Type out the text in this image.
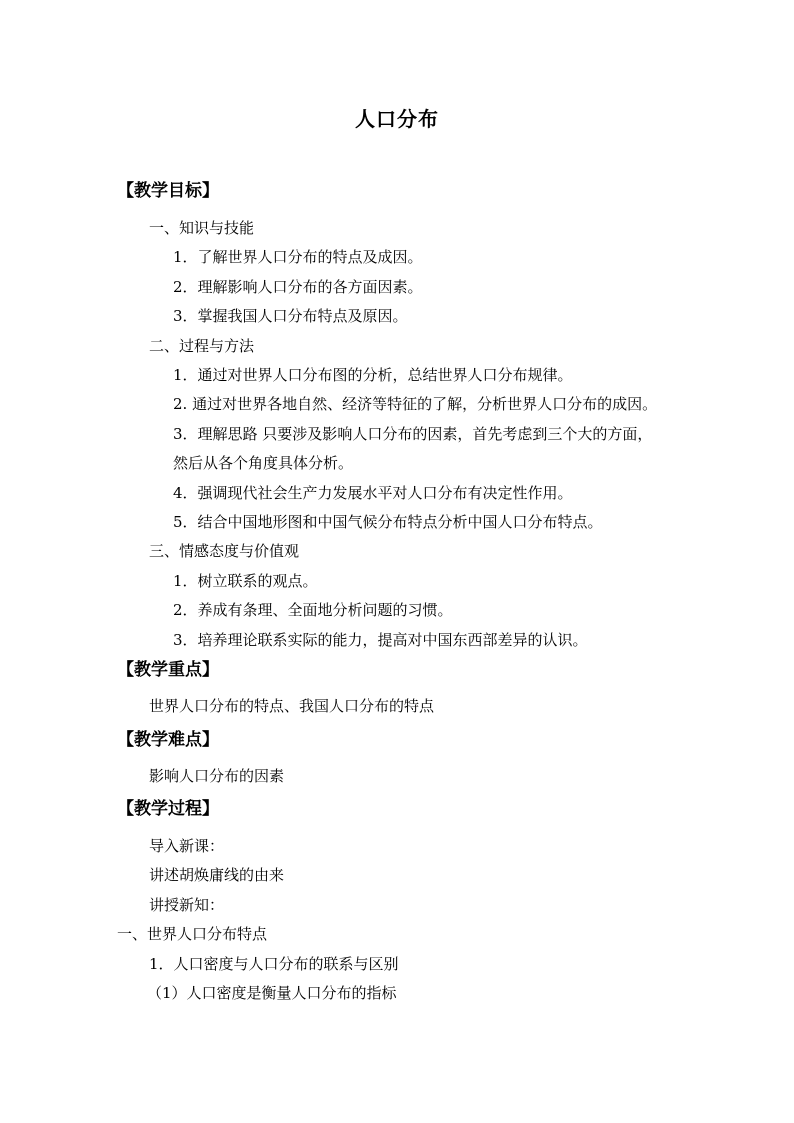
人口分布
【教学目标】
一、知识与技能
1．了解世界人口分布的特点及成因。
2．理解影响人口分布的各方面因素。
3．掌握我国人口分布特点及原因。
二、过程与方法
1．通过对世界人口分布图的分析，总结世界人口分布规律。
2. 通过对世界各地自然、经济等特征的了解，分析世界人口分布的成因。
3．理解思路 只要涉及影响人口分布的因素，首先考虑到三个大的方面，
然后从各个角度具体分析。
4．强调现代社会生产力发展水平对人口分布有决定性作用。
5．结合中国地形图和中国气候分布特点分析中国人口分布特点。
三、情感态度与价值观
1．树立联系的观点。
2．养成有条理、全面地分析问题的习惯。
3．培养理论联系实际的能力，提高对中国东西部差异的认识。
【教学重点】
世界人口分布的特点、我国人口分布的特点
【教学难点】
影响人口分布的因素
【教学过程】
导入新课：
讲述胡焕庸线的由来
讲授新知：
一、世界人口分布特点
1．人口密度与人口分布的联系与区别
（1）人口密度是衡量人口分布的指标
